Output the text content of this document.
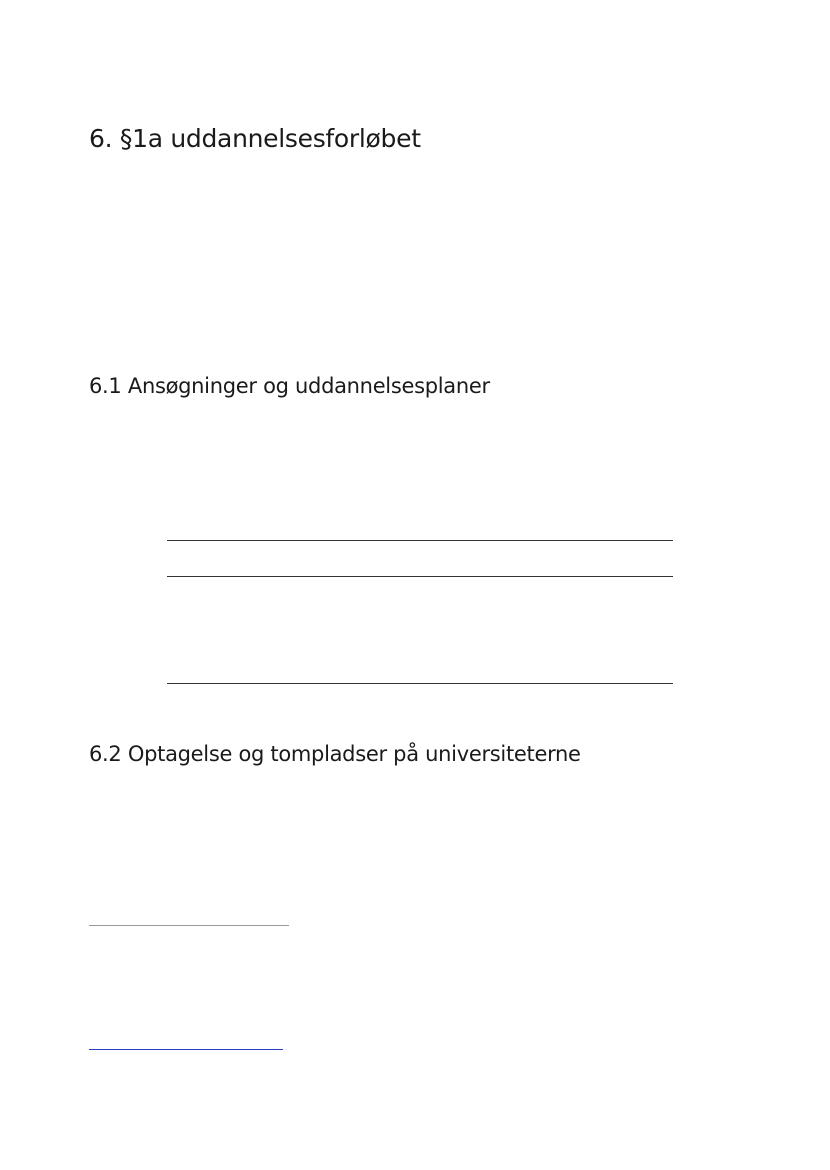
6. §1a uddannelsesforløbet
6.1 Ansøgninger og uddannelsesplaner
6.2 Optagelse og tompladser på universiteterne
